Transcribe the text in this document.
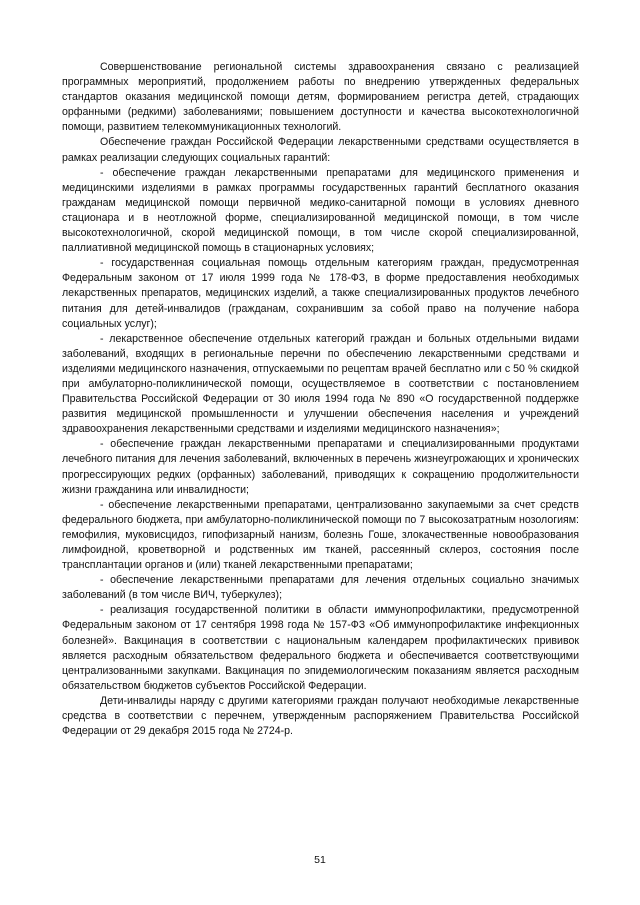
Совершенствование региональной системы здравоохранения связано с реализацией программных мероприятий, продолжением работы по внедрению утвержденных федеральных стандартов оказания медицинской помощи детям, формированием регистра детей, страдающих орфанными (редкими) заболеваниями; повышением доступности и качества высокотехнологичной помощи, развитием телекоммуникационных технологий.

Обеспечение граждан Российской Федерации лекарственными средствами осуществляется в рамках реализации следующих социальных гарантий:

- обеспечение граждан лекарственными препаратами для медицинского применения и медицинскими изделиями в рамках программы государственных гарантий бесплатного оказания гражданам медицинской помощи первичной медико-санитарной помощи в условиях дневного стационара и в неотложной форме, специализированной медицинской помощи, в том числе высокотехнологичной, скорой медицинской помощи, в том числе скорой специализированной, паллиативной медицинской помощь в стационарных условиях;

- государственная социальная помощь отдельным категориям граждан, предусмотренная Федеральным законом от 17 июля 1999 года № 178-ФЗ, в форме предоставления необходимых лекарственных препаратов, медицинских изделий, а также специализированных продуктов лечебного питания для детей-инвалидов (гражданам, сохранившим за собой право на получение набора социальных услуг);

- лекарственное обеспечение отдельных категорий граждан и больных отдельными видами заболеваний, входящих в региональные перечни по обеспечению лекарственными средствами и изделиями медицинского назначения, отпускаемыми по рецептам врачей бесплатно или с 50 % скидкой при амбулаторно-поликлинической помощи, осуществляемое в соответствии с постановлением Правительства Российской Федерации от 30 июля 1994 года № 890 «О государственной поддержке развития медицинской промышленности и улучшении обеспечения населения и учреждений здравоохранения лекарственными средствами и изделиями медицинского назначения»;

- обеспечение граждан лекарственными препаратами и специализированными продуктами лечебного питания для лечения заболеваний, включенных в перечень жизнеугрожающих и хронических прогрессирующих редких (орфанных) заболеваний, приводящих к сокращению продолжительности жизни гражданина или инвалидности;

- обеспечение лекарственными препаратами, централизованно закупаемыми за счет средств федерального бюджета, при амбулаторно-поликлинической помощи по 7 высокозатратным нозологиям: гемофилия, муковисцидоз, гипофизарный нанизм, болезнь Гоше, злокачественные новообразования лимфоидной, кроветворной и родственных им тканей, рассеянный склероз, состояния после трансплантации органов и (или) тканей лекарственными препаратами;

- обеспечение лекарственными препаратами для лечения отдельных социально значимых заболеваний (в том числе ВИЧ, туберкулез);

- реализация государственной политики в области иммунопрофилактики, предусмотренной Федеральным законом от 17 сентября 1998 года № 157-ФЗ «Об иммунопрофилактике инфекционных болезней». Вакцинация в соответствии с национальным календарем профилактических прививок является расходным обязательством федерального бюджета и обеспечивается соответствующими централизованными закупками. Вакцинация по эпидемиологическим показаниям является расходным обязательством бюджетов субъектов Российской Федерации.

Дети-инвалиды наряду с другими категориями граждан получают необходимые лекарственные средства в соответствии с перечнем, утвержденным распоряжением Правительства Российской Федерации от 29 декабря 2015 года № 2724-р.

51
